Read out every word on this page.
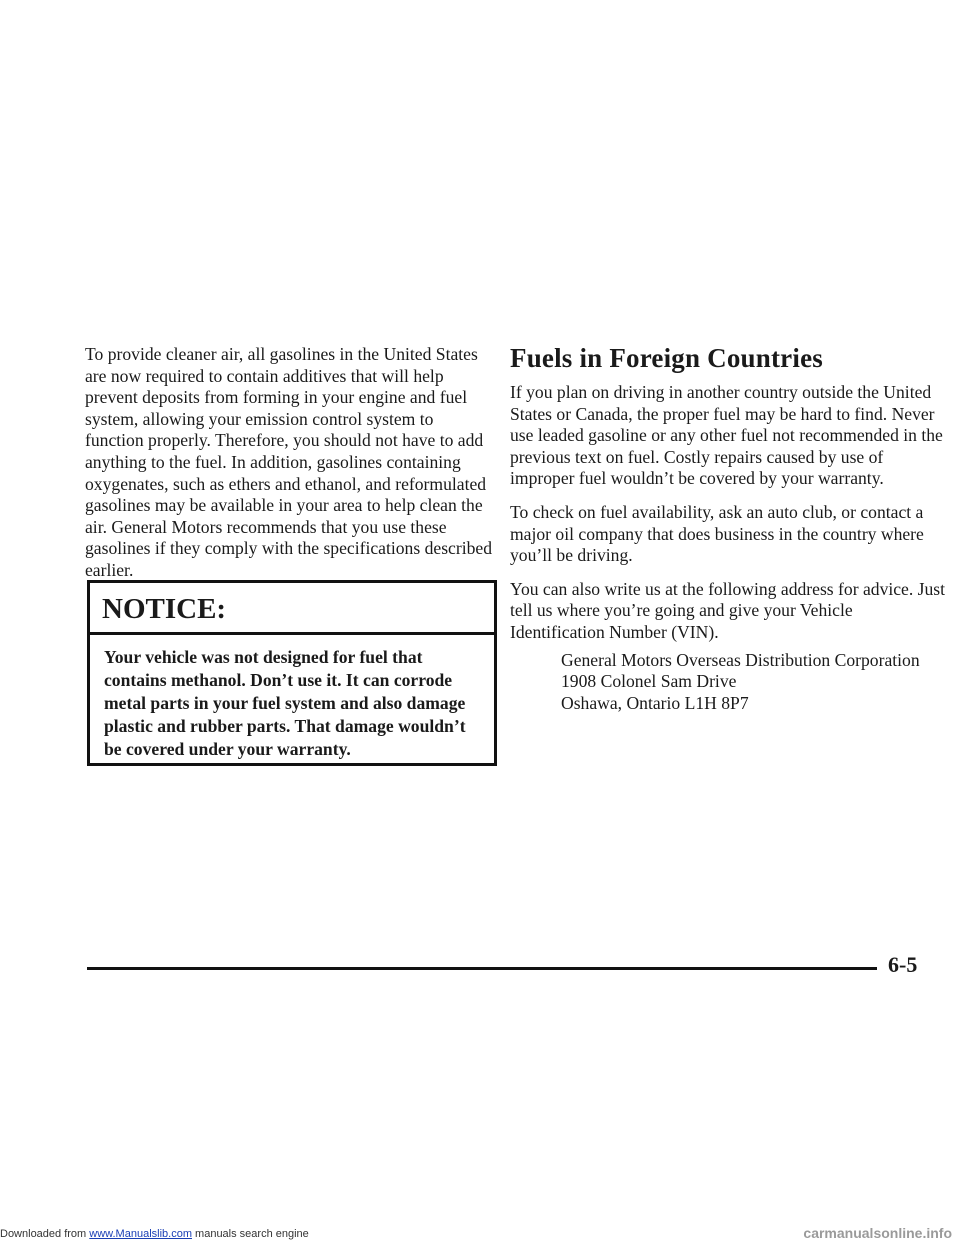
To provide cleaner air, all gasolines in the United States are now required to contain additives that will help prevent deposits from forming in your engine and fuel system, allowing your emission control system to function properly. Therefore, you should not have to add anything to the fuel. In addition, gasolines containing oxygenates, such as ethers and ethanol, and reformulated gasolines may be available in your area to help clean the air. General Motors recommends that you use these gasolines if they comply with the specifications described earlier.

NOTICE:
Your vehicle was not designed for fuel that contains methanol. Don’t use it. It can corrode metal parts in your fuel system and also damage plastic and rubber parts. That damage wouldn’t be covered under your warranty.
Fuels in Foreign Countries

If you plan on driving in another country outside the United States or Canada, the proper fuel may be hard to find. Never use leaded gasoline or any other fuel not recommended in the previous text on fuel. Costly repairs caused by use of improper fuel wouldn’t be covered by your warranty.

To check on fuel availability, ask an auto club, or contact a major oil company that does business in the country where you’ll be driving.

You can also write us at the following address for advice. Just tell us where you’re going and give your Vehicle Identification Number (VIN).

General Motors Overseas Distribution Corporation
1908 Colonel Sam Drive
Oshawa, Ontario L1H 8P7
6-5
Downloaded from www.Manualslib.com manuals search engine	carmanualsonline.info
